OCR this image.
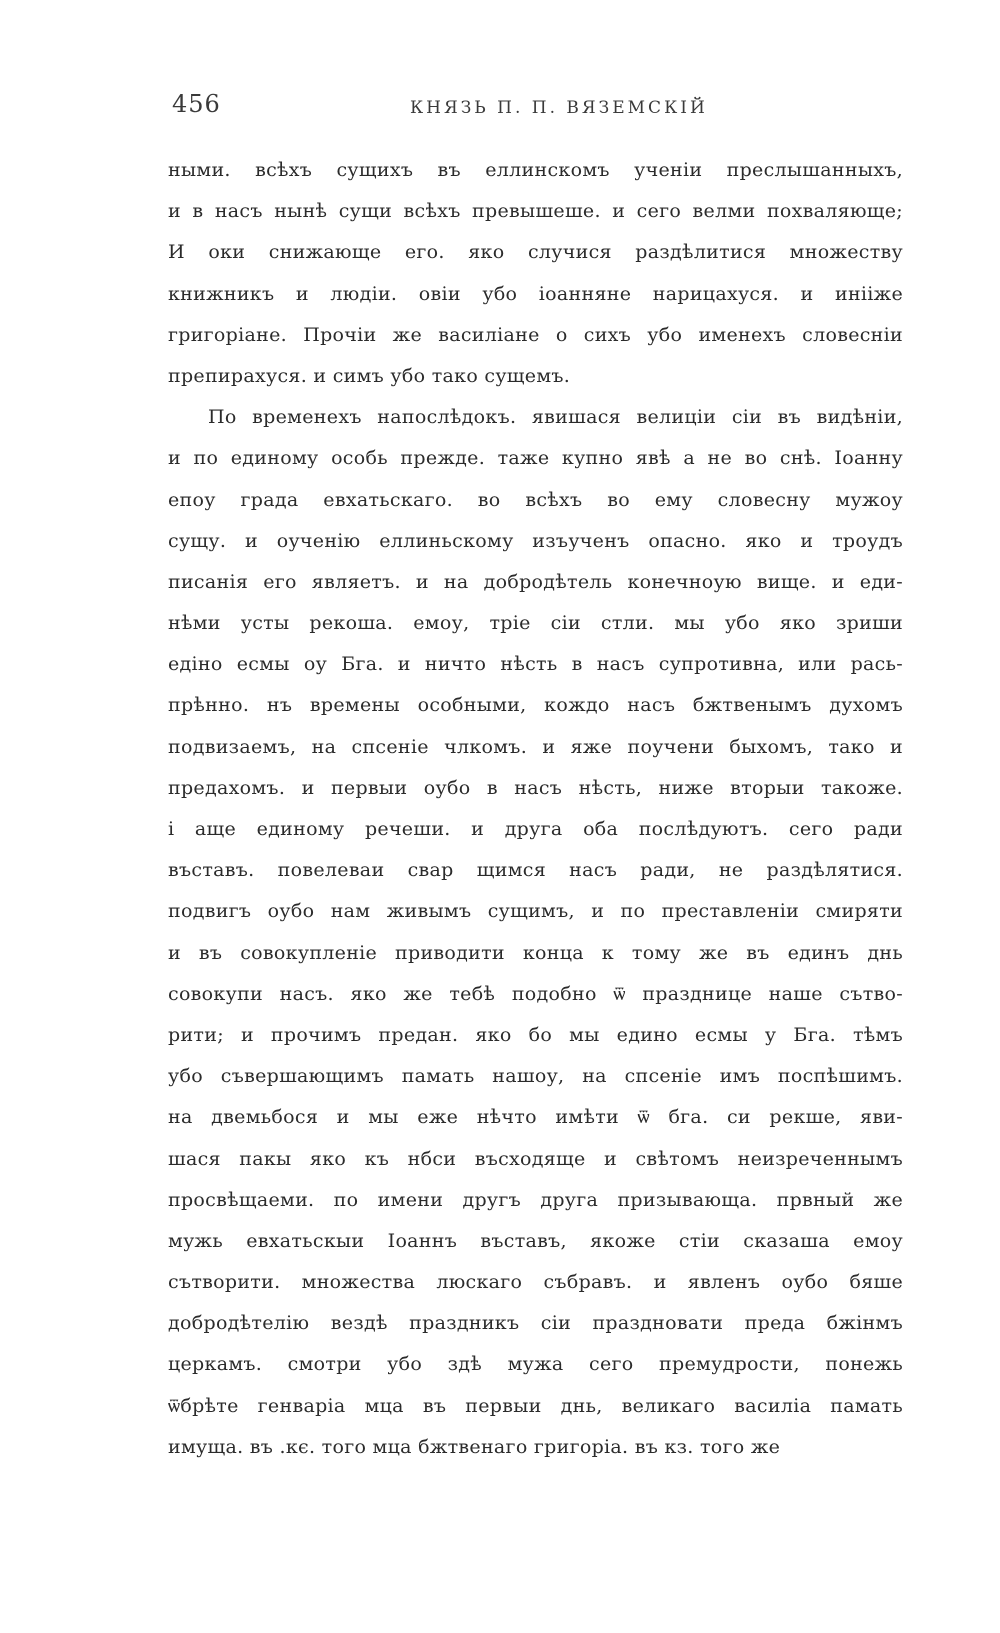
456	КНЯЗЬ П. П. ВЯЗЕМСКІЙ
ными. всѣхъ сущихъ въ еллинскомъ ученіи преслышанныхъ,
и в насъ нынѣ сущи всѣхъ превышеше. и сего велми похваляюще;
И оки снижающе его. яко случися раздѣлитися множеству
книжникъ и людіи. овіи убо іоанняне нарицахуся. и инііже
григоріане. Прочіи же василіане о сихъ убо именехъ словесніи
препирахуся. и симъ убо тако сущемъ.
По временехъ напослѣдокъ. явишася велиціи сіи въ видѣніи,
и по единому особь прежде. таже купно явѣ а не во снѣ. Іоанну
епоу града евхатьскаго. во всѣхъ во ему словесну мужоу
сущу. и оученію еллиньскому изъученъ опасно. яко и троудъ
писанія его являетъ. и на добродѣтель конечноую вище. и еди-
нѣми усты рекоша. емоу, тріе сіи стли. мы убо яко зриши
едіно есмы оу Бга. и ничто нѣсть в насъ супротивна, или рась-
прѣнно. нъ времены особными, кождо насъ бжтвенымъ духомъ
подвизаемъ, на спсеніе члкомъ. и яже поучени быхомъ, тако и
предахомъ. и первыи оубо в насъ нѣсть, ниже вторыи такоже.
і аще единому речеши. и друга оба послѣдуютъ. сего ради
въставъ. повелеваи свар щимся насъ ради, не раздѣлятися.
подвигъ оубо нам живымъ сущимъ, и по преставленіи смиряти
и въ совокупленіе приводити конца к тому же въ единъ днь
совокупи насъ. яко же тебѣ подобно ѿ празднице наше сътво-
рити; и прочимъ предан. яко бо мы едино есмы у Бга. тѣмъ
убо съвершающимъ памать нашоу, на спсеніе имъ поспѣшимъ.
на двемьбося и мы еже нѣчто имѣти ѿ бга. си рекше, яви-
шася пакы яко къ нбси въсходяще и свѣтомъ неизреченнымъ
просвѣщаеми. по имени другъ другa призывающа. првный же
мужь евхатьскыи Іоаннъ въставъ, якоже стіи сказаша емоу
сътворити. множества люскаго събравъ. и явленъ оубо бяше
добродѣтелію вездѣ праздникъ сіи праздновати преда бжінмъ
церкамъ. смотри убо здѣ мужа сего премудрости, понежь
ѿбрѣте генваріа мца въ первыи днь, великаго василіа памать
имуща. въ .кє. того мца бжтвенаго григоріа. въ кз. того же
